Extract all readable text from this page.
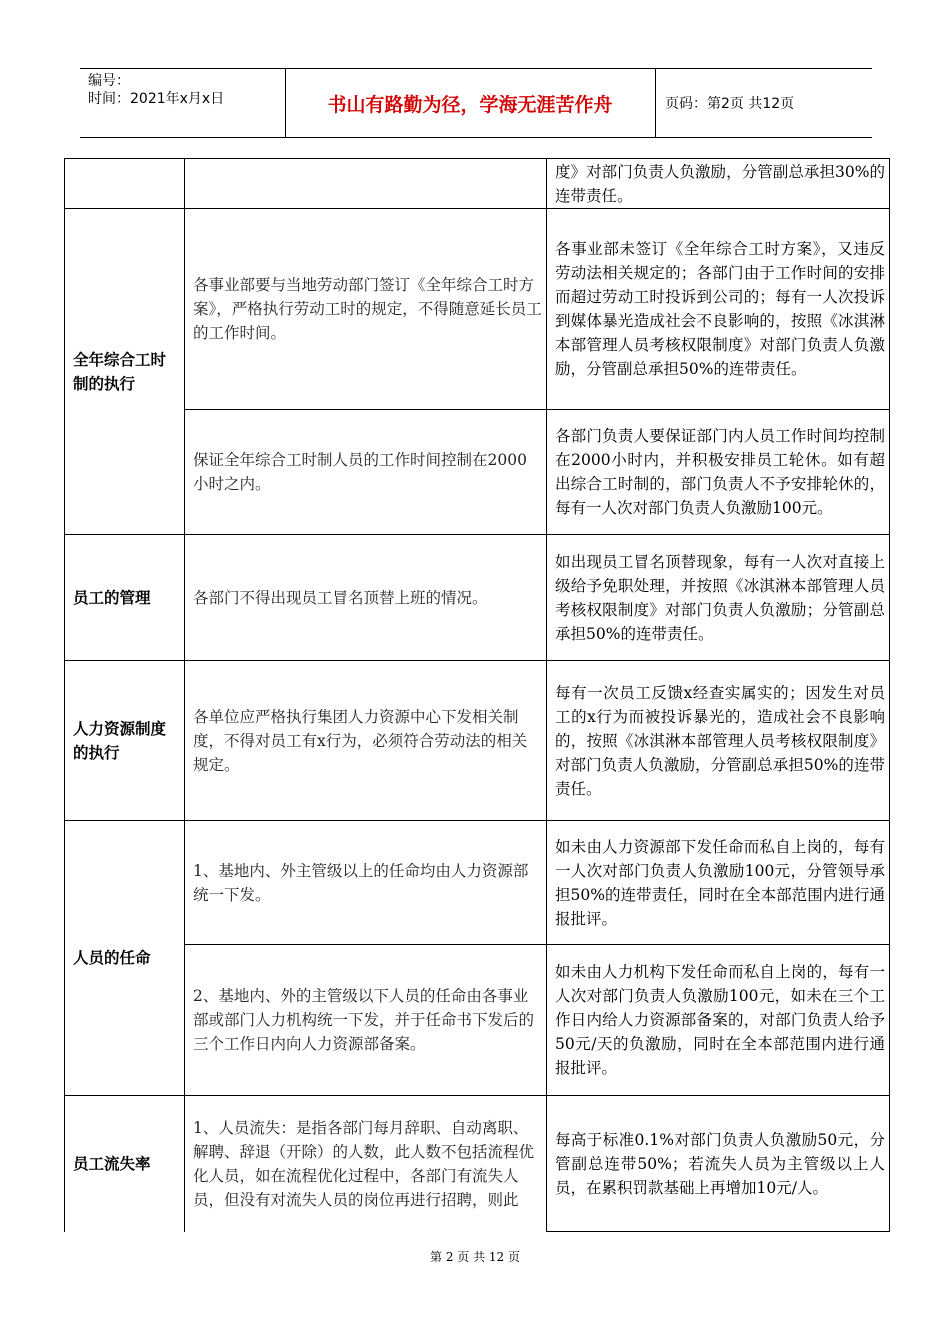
编号：
时间：2021年x月x日	书山有路勤为径，学海无涯苦作舟	页码：第2页 共12页
		度》对部门负责人负激励，分管副总承担30%的连带责任。
全年综合工时制的执行	各事业部要与当地劳动部门签订《全年综合工时方案》，严格执行劳动工时的规定，不得随意延长员工的工作时间。	各事业部未签订《全年综合工时方案》，又违反劳动法相关规定的；各部门由于工作时间的安排而超过劳动工时投诉到公司的；每有一人次投诉到媒体暴光造成社会不良影响的，按照《冰淇淋本部管理人员考核权限制度》对部门负责人负激励，分管副总承担50%的连带责任。
	保证全年综合工时制人员的工作时间控制在2000小时之内。	各部门负责人要保证部门内人员工作时间均控制在2000小时内，并积极安排员工轮休。如有超出综合工时制的，部门负责人不予安排轮休的，每有一人次对部门负责人负激励100元。
员工的管理	各部门不得出现员工冒名顶替上班的情况。	如出现员工冒名顶替现象，每有一人次对直接上级给予免职处理，并按照《冰淇淋本部管理人员考核权限制度》对部门负责人负激励；分管副总承担50%的连带责任。
人力资源制度的执行	各单位应严格执行集团人力资源中心下发相关制度，不得对员工有x行为，必须符合劳动法的相关规定。	每有一次员工反馈x经查实属实的；因发生对员工的x行为而被投诉暴光的，造成社会不良影响的，按照《冰淇淋本部管理人员考核权限制度》对部门负责人负激励，分管副总承担50%的连带责任。
人员的任命	1、基地内、外主管级以上的任命均由人力资源部统一下发。	如未由人力资源部下发任命而私自上岗的，每有一人次对部门负责人负激励100元，分管领导承担50%的连带责任，同时在全本部范围内进行通报批评。
	2、基地内、外的主管级以下人员的任命由各事业部或部门人力机构统一下发，并于任命书下发后的三个工作日内向人力资源部备案。	如未由人力机构下发任命而私自上岗的，每有一人次对部门负责人负激励100元，如未在三个工作日内给人力资源部备案的，对部门负责人给予50元/天的负激励，同时在全本部范围内进行通报批评。
员工流失率	1、人员流失：是指各部门每月辞职、自动离职、解聘、辞退（开除）的人数，此人数不包括流程优化人员，如在流程优化过程中，各部门有流失人员，但没有对流失人员的岗位再进行招聘，则此	每高于标准0.1%对部门负责人负激励50元，分管副总连带50%；若流失人员为主管级以上人员，在累积罚款基础上再增加10元/人。
第 2 页 共 12 页
